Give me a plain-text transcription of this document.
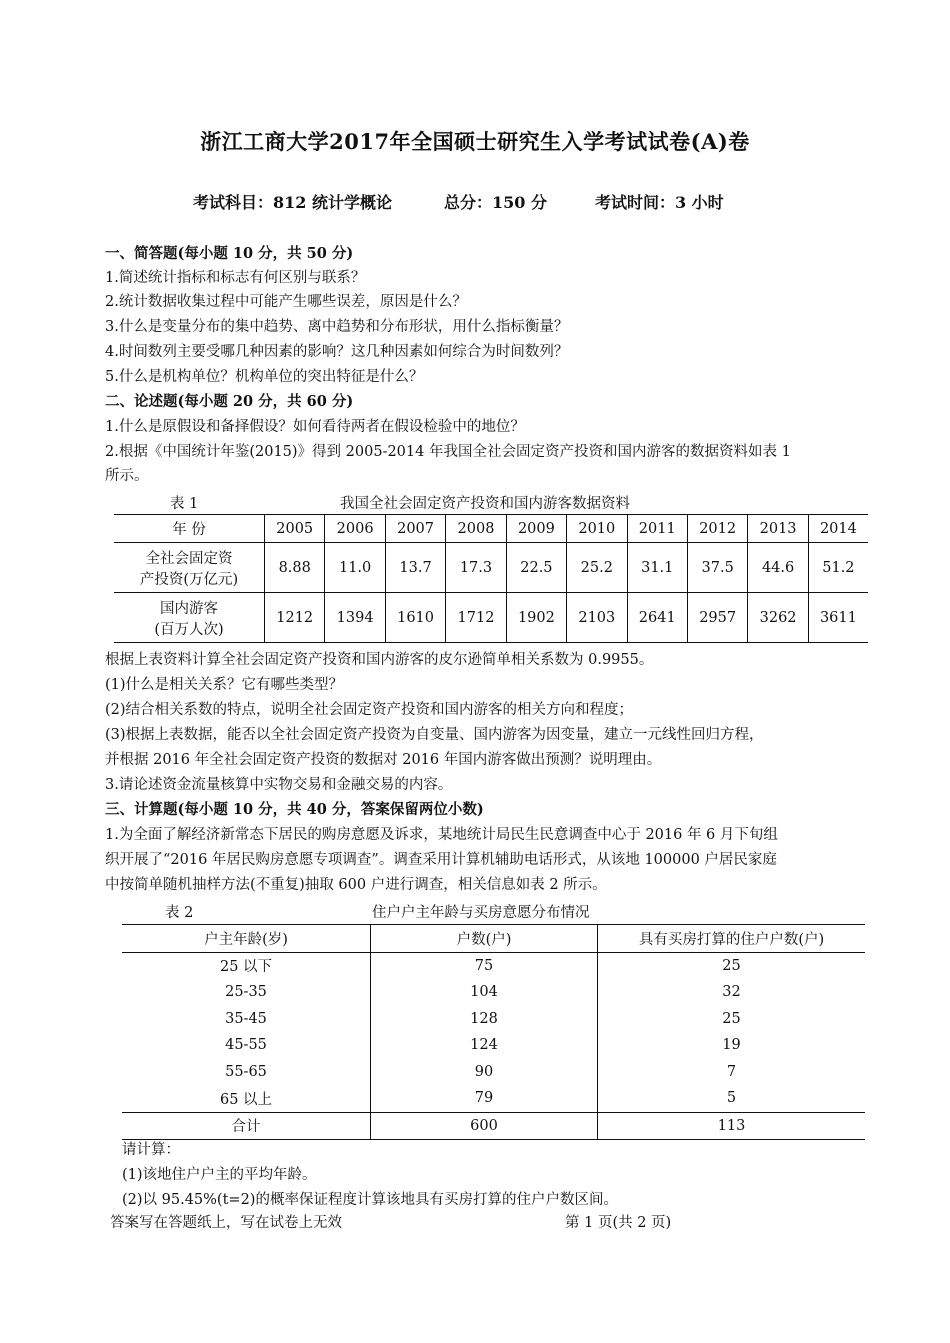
浙江工商大学2017年全国硕士研究生入学考试试卷(A)卷
考试科目：812 统计学概论	总分：150 分	考试时间：3 小时
一、简答题(每小题 10 分，共 50 分)
1.简述统计指标和标志有何区别与联系？
2.统计数据收集过程中可能产生哪些误差，原因是什么？
3.什么是变量分布的集中趋势、离中趋势和分布形状，用什么指标衡量？
4.时间数列主要受哪几种因素的影响？这几种因素如何综合为时间数列？
5.什么是机构单位？机构单位的突出特征是什么？
二、论述题(每小题 20 分，共 60 分)
1.什么是原假设和备择假设？如何看待两者在假设检验中的地位？
2.根据《中国统计年鉴(2015)》得到 2005-2014 年我国全社会固定资产投资和国内游客的数据资料如表 1
所示。
表 1	我国全社会固定资产投资和国内游客数据资料
年 份	2005	2006	2007	2008	2009	2010	2011	2012	2013	2014

全社会固定资
产投资(万亿元)	8.88	11.0	13.7	17.3	22.5	25.2	31.1	37.5	44.6	51.2

国内游客
(百万人次)	1212	1394	1610	1712	1902	2103	2641	2957	3262	3611
根据上表资料计算全社会固定资产投资和国内游客的皮尔逊简单相关系数为 0.9955。
(1)什么是相关关系？它有哪些类型？
(2)结合相关系数的特点，说明全社会固定资产投资和国内游客的相关方向和程度；
(3)根据上表数据，能否以全社会固定资产投资为自变量、国内游客为因变量，建立一元线性回归方程，
并根据 2016 年全社会固定资产投资的数据对 2016 年国内游客做出预测？说明理由。
3.请论述资金流量核算中实物交易和金融交易的内容。
三、计算题(每小题 10 分，共 40 分，答案保留两位小数)
1.为全面了解经济新常态下居民的购房意愿及诉求，某地统计局民生民意调查中心于 2016 年 6 月下旬组
织开展了“2016 年居民购房意愿专项调查”。调查采用计算机辅助电话形式，从该地 100000 户居民家庭
中按简单随机抽样方法(不重复)抽取 600 户进行调查，相关信息如表 2 所示。
表 2	住户户主年龄与买房意愿分布情况
户主年龄(岁)	户数(户)	具有买房打算的住户户数(户)
25 以下	75	25
25-35	104	32
35-45	128	25
45-55	124	19
55-65	90	7
65 以上	79	5
合计	600	113
请计算：
(1)该地住户户主的平均年龄。
(2)以 95.45%(t=2)的概率保证程度计算该地具有买房打算的住户户数区间。
答案写在答题纸上，写在试卷上无效	第 1 页(共 2 页)
